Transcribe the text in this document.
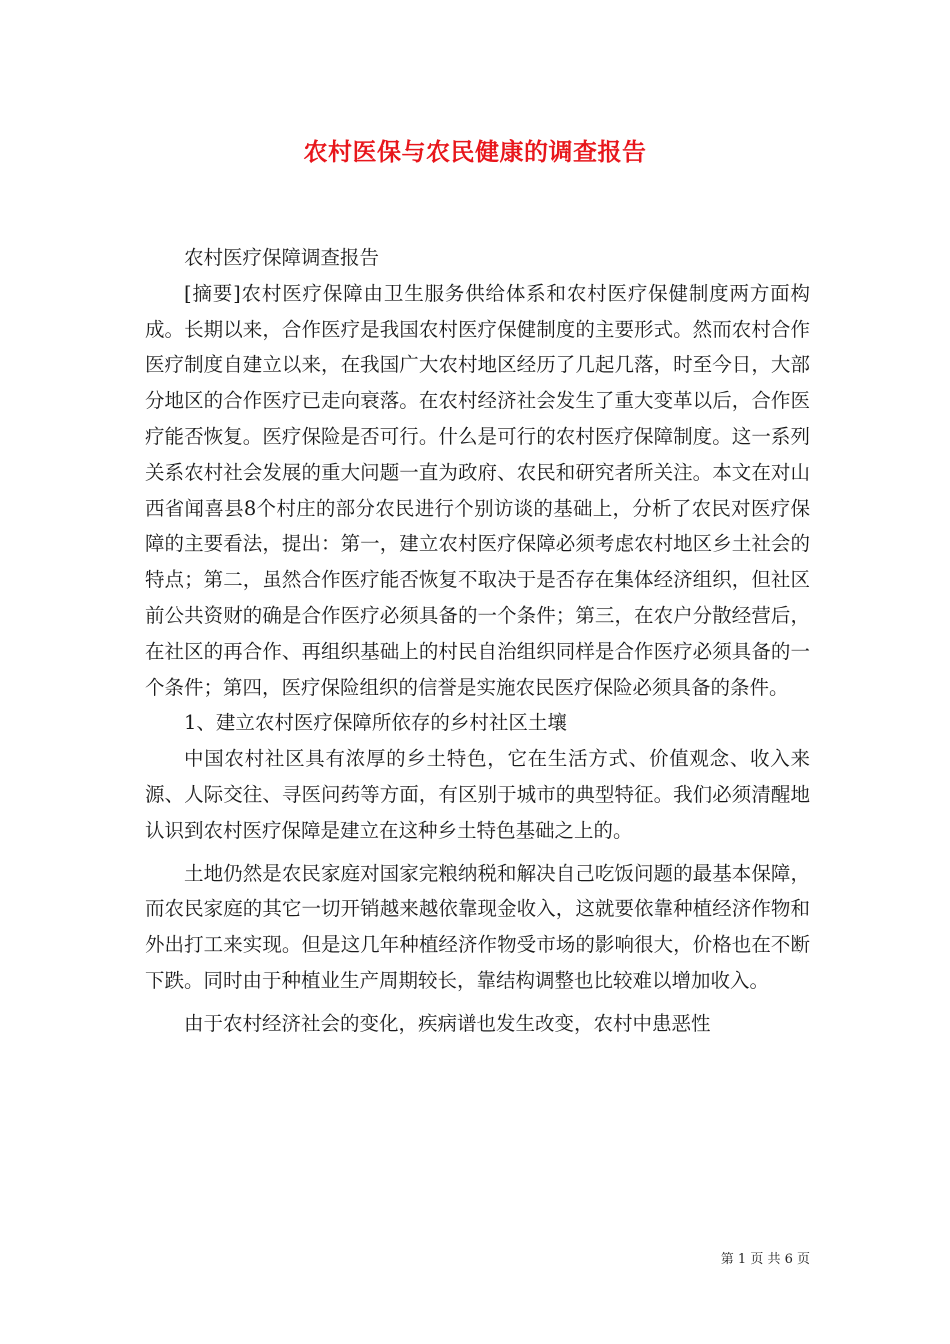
农村医保与农民健康的调查报告

农村医疗保障调查报告

[摘要]农村医疗保障由卫生服务供给体系和农村医疗保健制度两方面构成。长期以来，合作医疗是我国农村医疗保健制度的主要形式。然而农村合作医疗制度自建立以来，在我国广大农村地区经历了几起几落，时至今日，大部分地区的合作医疗已走向衰落。在农村经济社会发生了重大变革以后，合作医疗能否恢复。医疗保险是否可行。什么是可行的农村医疗保障制度。这一系列关系农村社会发展的重大问题一直为政府、农民和研究者所关注。本文在对山西省闻喜县8个村庄的部分农民进行个别访谈的基础上，分析了农民对医疗保障的主要看法，提出：第一，建立农村医疗保障必须考虑农村地区乡土社会的特点；第二，虽然合作医疗能否恢复不取决于是否存在集体经济组织，但社区前公共资财的确是合作医疗必须具备的一个条件；第三，在农户分散经营后，在社区的再合作、再组织基础上的村民自治组织同样是合作医疗必须具备的一个条件；第四，医疗保险组织的信誉是实施农民医疗保险必须具备的条件。

1、建立农村医疗保障所依存的乡村社区土壤

中国农村社区具有浓厚的乡土特色，它在生活方式、价值观念、收入来源、人际交往、寻医问药等方面，有区别于城市的典型特征。我们必须清醒地认识到农村医疗保障是建立在这种乡土特色基础之上的。

土地仍然是农民家庭对国家完粮纳税和解决自己吃饭问题的最基本保障，而农民家庭的其它一切开销越来越依靠现金收入，这就要依靠种植经济作物和外出打工来实现。但是这几年种植经济作物受市场的影响很大，价格也在不断下跌。同时由于种植业生产周期较长，靠结构调整也比较难以增加收入。

由于农村经济社会的变化，疾病谱也发生改变，农村中患恶性

第 1 页 共 6 页
